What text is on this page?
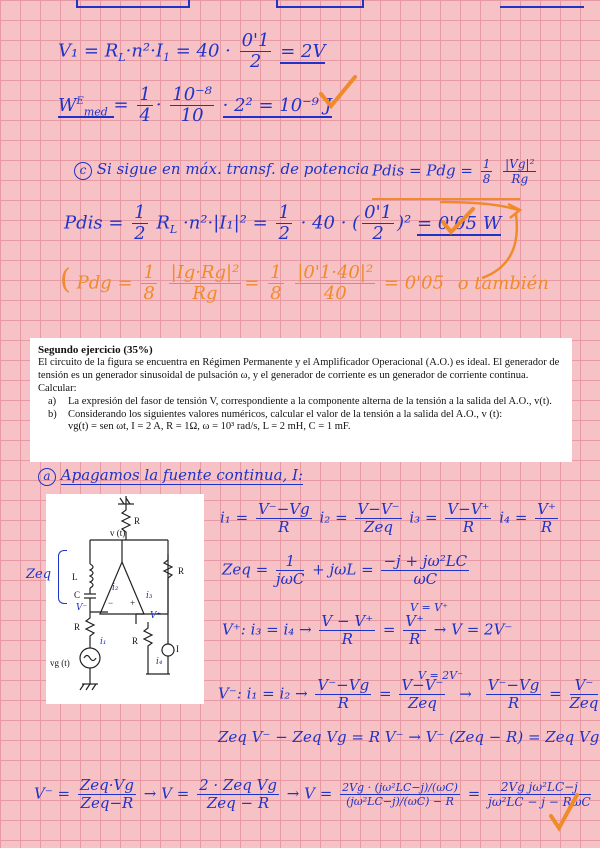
$V_1 = R_L\cdot n^2\cdot I_1 = 40 \cdot \frac{0'1}{2} = 2V$
$W^E_{med} = \frac{1}{4} \cdot \frac{\text{10⁻⁸}}{10} \cdot 2^2 = 10^{-9}$ J
c Si sigue en máx. transf. de potencia Pdis = Pdg = $\frac{1}{8}$
$\frac{\text{|Vg|²}}{Rg}$
Pdis = $\frac{1}{2} R_L \cdot n^2\cdot|I_1|^2 = \frac{1}{2} \cdot 40$ · ( $\frac{0'1}{2} )^2 = 0'05$ W
( Pdg = $\frac{1}{8}$
$\frac{\text{|Ig·Rg|²}}{Rg} = \frac{1}{8}$
$\frac{\text{|0'1·40|²}}{40} = 0'05$ o también
Segundo ejercicio (35%)
El circuito de la figura se encuentra en Régimen Permanente y el Amplificador Operacional (A.O.) es ideal. El generador de tensión es un generador sinusoidal de pulsación ω, y el generador de corriente es un generador de corriente continua. Calcular:
a) La expresión del fasor de tensión V, correspondiente a la componente alterna de la tensión a la salida del A.O., v(t).
b) Considerando los siguientes valores numéricos, calcular el valor de la tensión a la salida del A.O., v (t):
vg(t) = sen ωt, I = 2 A, R = 1Ω, ω = 10³ rad/s, L = 2 mH, C = 1 mF.
a Apagamos la fuente continua, I:
R
v (t)
L
C
R
R
R
I
vg (t)
− +
i₂
i₃
i₁
i₄
V⁻
V⁺
Zeq
$i_1 = \frac{V^--Vg}{R} i_2 = \frac{V-V^-}{\text{Zeq}} i_3 = \frac{V-V^+}{R} i_4 = \frac{V^+}{R}$
Zeq = $\frac{1}{\text{jωC}} + j\omega L = \frac{\text{−j + jω²LC}}{\omega C}$
V⁺: $i_3 = i_4 \to \frac{V - V^+}{R} = \frac{V^+}{R} \to V = 2V^-$
V = V⁺
V⁻: $i_1 = i_2 \to \frac{V^--Vg}{R} = \frac{V-V^-}{\text{Zeq}} \to \frac{V^--Vg}{R} = \frac{V^-}{\text{Zeq}}$
V = 2V⁻
Zeq V⁻ − Zeq Vg = R V⁻ → V⁻ (Zeq − R) = Zeq Vg
$V^- = \frac{\text{Zeq·Vg}}{\text{Zeq−R}} \to V = \frac{\text{2 · Zeq Vg}}{\text{Zeq − R}} \to V = \frac{\text{2Vg · (jω²LC−j)/(ωC)}}{\text{(jω²LC−j)/(ωC) − R}} = \frac{\text{2Vg jω²LC−j}}{\text{jω²LC − j − RωC}}$
